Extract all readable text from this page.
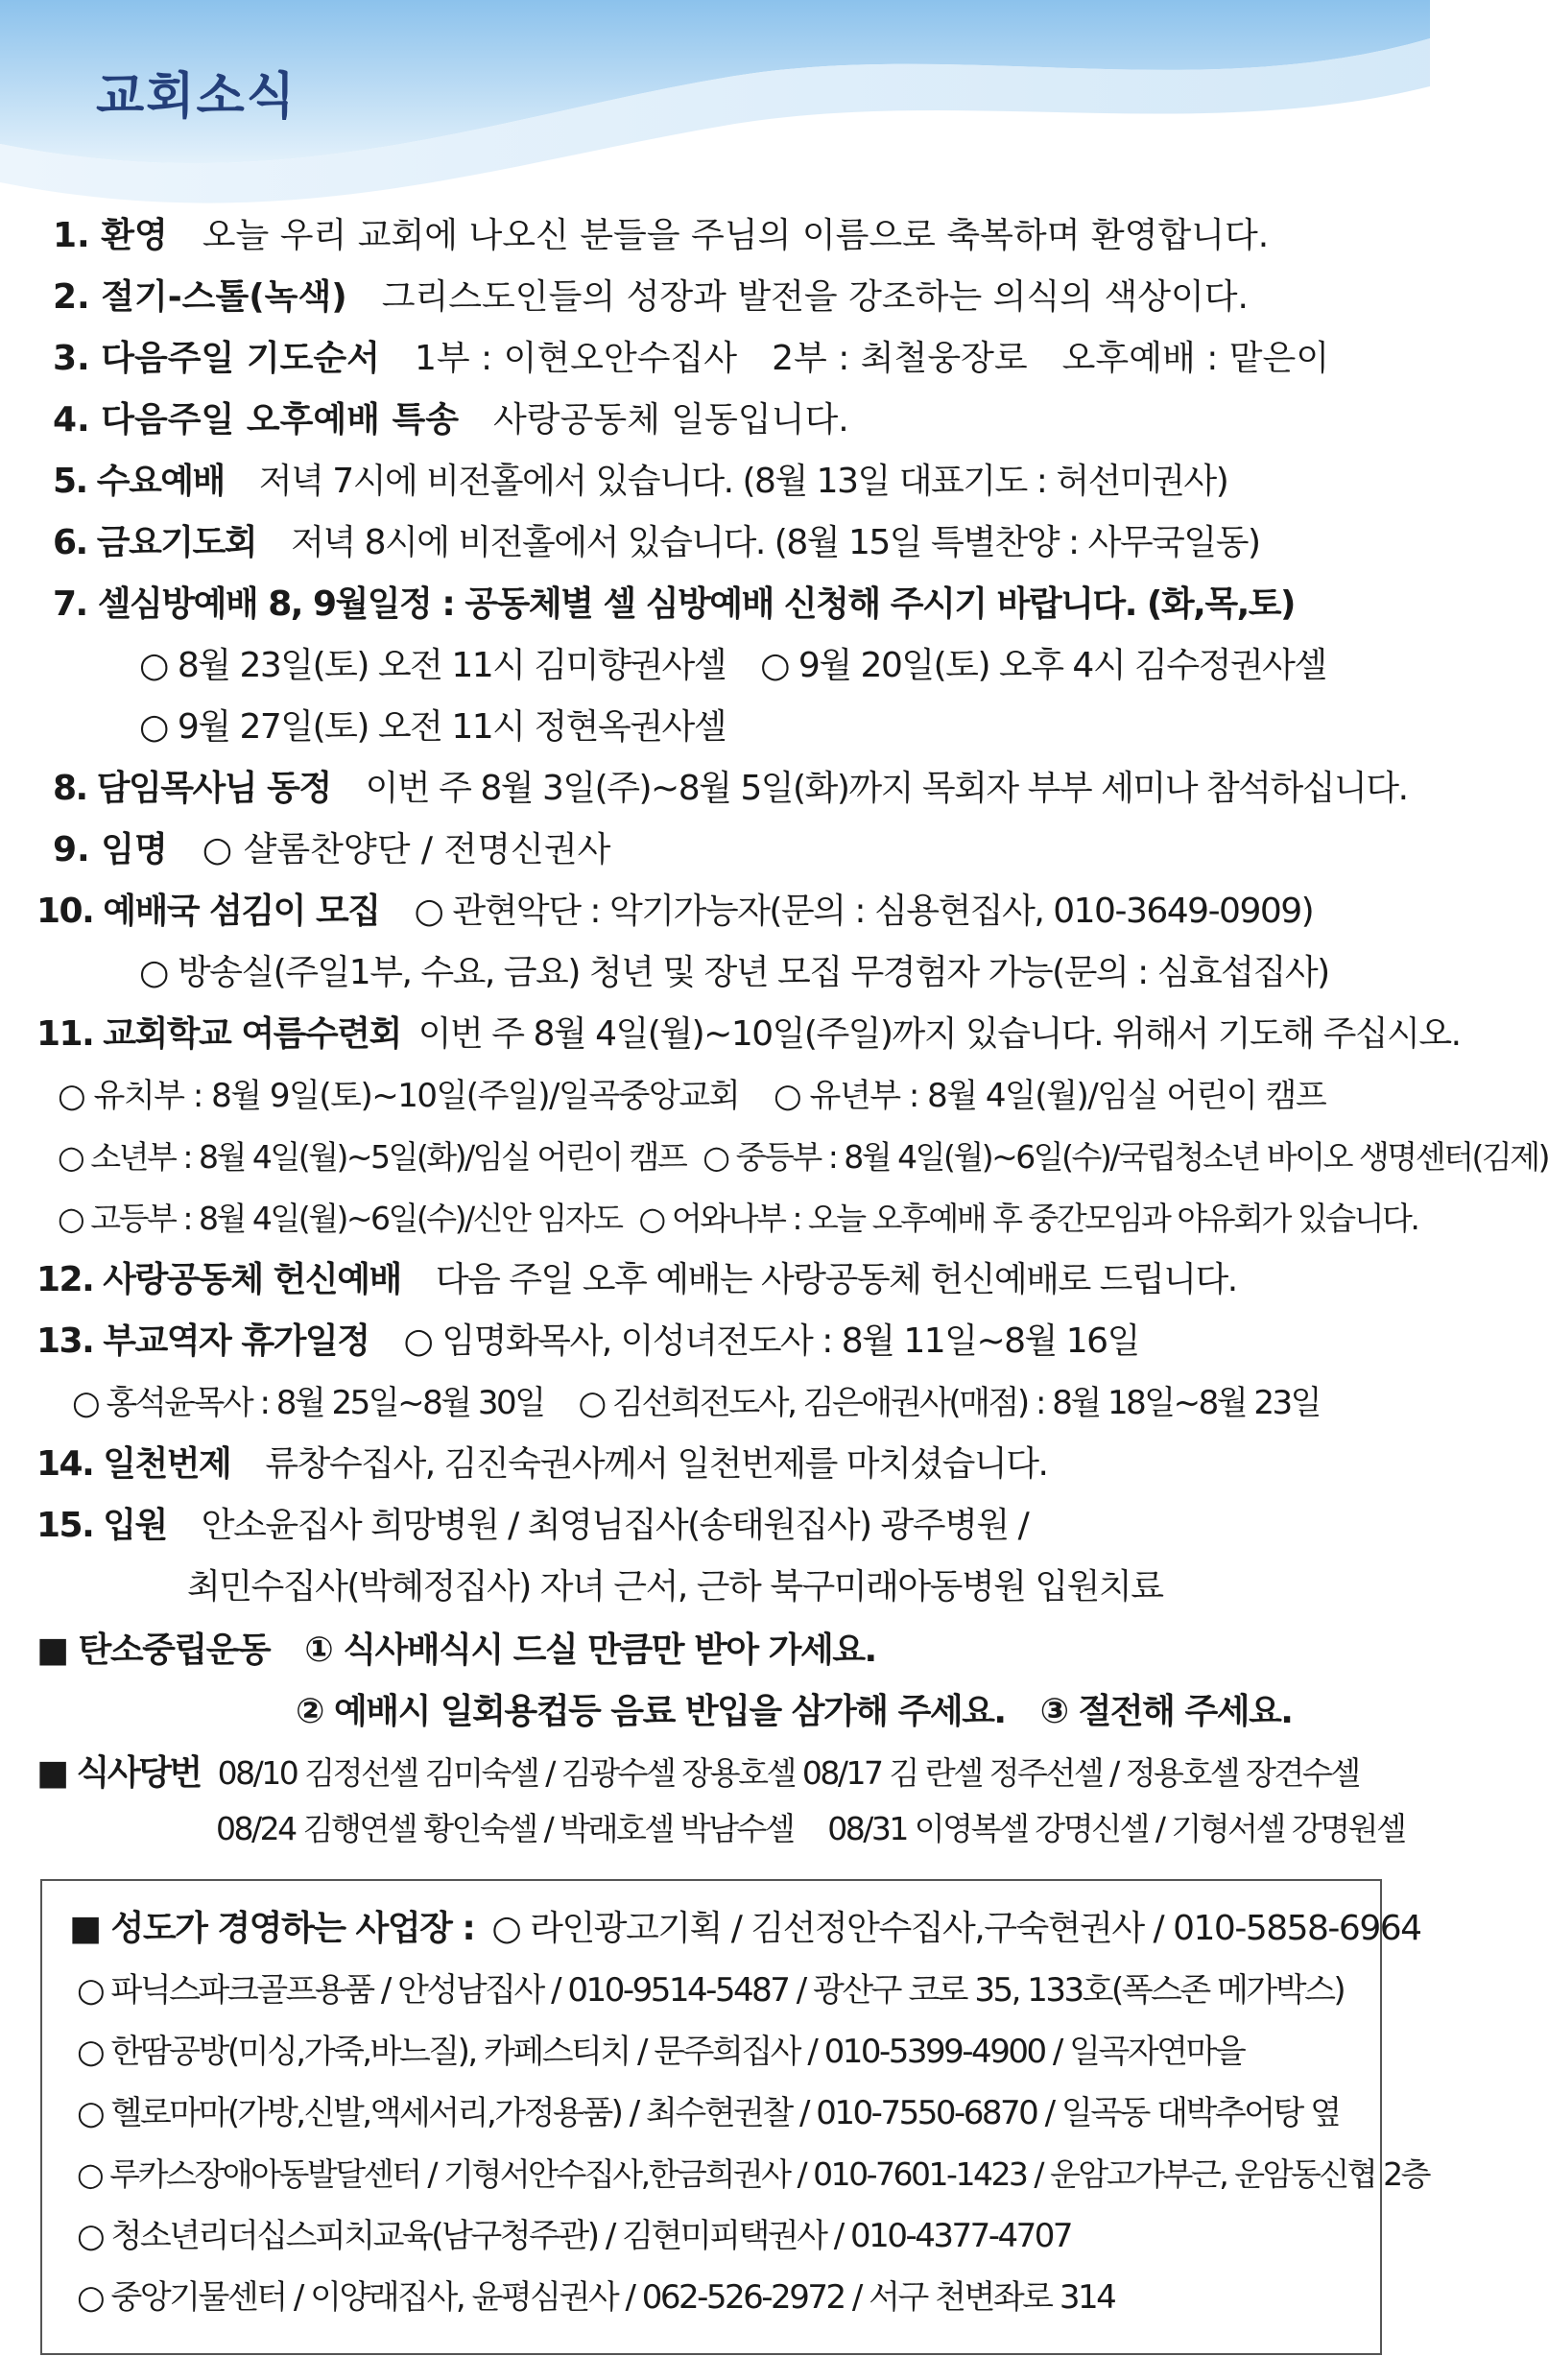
교회소식
1. 환영 오늘 우리 교회에 나오신 분들을 주님의 이름으로 축복하며 환영합니다.
2. 절기-스톨(녹색) 그리스도인들의 성장과 발전을 강조하는 의식의 색상이다.
3. 다음주일 기도순서 1부 : 이현오안수집사 2부 : 최철웅장로 오후예배 : 맡은이
4. 다음주일 오후예배 특송 사랑공동체 일동입니다.
5. 수요예배 저녁 7시에 비전홀에서 있습니다. (8월 13일 대표기도 : 허선미권사)
6. 금요기도회 저녁 8시에 비전홀에서 있습니다. (8월 15일 특별찬양 : 사무국일동)
7. 셀심방예배 8, 9월일정 : 공동체별 셀 심방예배 신청해 주시기 바랍니다. (화,목,토)
○ 8월 23일(토) 오전 11시 김미향권사셀 ○ 9월 20일(토) 오후 4시 김수정권사셀
○ 9월 27일(토) 오전 11시 정현옥권사셀
8. 담임목사님 동정 이번 주 8월 3일(주)~8월 5일(화)까지 목회자 부부 세미나 참석하십니다.
9. 임명 ○ 샬롬찬양단 / 전명신권사
10. 예배국 섬김이 모집 ○ 관현악단 : 악기가능자(문의 : 심용현집사, 010-3649-0909)
○ 방송실(주일1부, 수요, 금요) 청년 및 장년 모집 무경험자 가능(문의 : 심효섭집사)
11. 교회학교 여름수련회 이번 주 8월 4일(월)~10일(주일)까지 있습니다. 위해서 기도해 주십시오.
○ 유치부 : 8월 9일(토)~10일(주일)/일곡중앙교회 ○ 유년부 : 8월 4일(월)/임실 어린이 캠프
○ 소년부 : 8월 4일(월)~5일(화)/임실 어린이 캠프 ○ 중등부 : 8월 4일(월)~6일(수)/국립청소년 바이오 생명센터(김제)
○ 고등부 : 8월 4일(월)~6일(수)/신안 임자도 ○ 어와나부 : 오늘 오후예배 후 중간모임과 야유회가 있습니다.
12. 사랑공동체 헌신예배 다음 주일 오후 예배는 사랑공동체 헌신예배로 드립니다.
13. 부교역자 휴가일정 ○ 임명화목사, 이성녀전도사 : 8월 11일~8월 16일
○ 홍석윤목사 : 8월 25일~8월 30일 ○ 김선희전도사, 김은애권사(매점) : 8월 18일~8월 23일
14. 일천번제 류창수집사, 김진숙권사께서 일천번제를 마치셨습니다.
15. 입원 안소윤집사 희망병원 / 최영님집사(송태원집사) 광주병원 /
최민수집사(박혜정집사) 자녀 근서, 근하 북구미래아동병원 입원치료
■ 탄소중립운동 ① 식사배식시 드실 만큼만 받아 가세요.
② 예배시 일회용컵등 음료 반입을 삼가해 주세요. ③ 절전해 주세요.
■ 식사당번 08/10 김정선셀 김미숙셀 / 김광수셀 장용호셀 08/17 김 란셀 정주선셀 / 정용호셀 장견수셀
08/24 김행연셀 황인숙셀 / 박래호셀 박남수셀 08/31 이영복셀 강명신셀 / 기형서셀 강명원셀
■ 성도가 경영하는 사업장 : ○ 라인광고기획 / 김선정안수집사,구숙현권사 / 010-5858-6964
○ 파닉스파크골프용품 / 안성남집사 / 010-9514-5487 / 광산구 코로 35, 133호(폭스존 메가박스)
○ 한땀공방(미싱,가죽,바느질), 카페스티치 / 문주희집사 / 010-5399-4900 / 일곡자연마을
○ 헬로마마(가방,신발,액세서리,가정용품) / 최수현권찰 / 010-7550-6870 / 일곡동 대박추어탕 옆
○ 루카스장애아동발달센터 / 기형서안수집사,한금희권사 / 010-7601-1423 / 운암고가부근, 운암동신협 2층
○ 청소년리더십스피치교육(남구청주관) / 김현미피택권사 / 010-4377-4707
○ 중앙기물센터 / 이양래집사, 윤평심권사 / 062-526-2972 / 서구 천변좌로 314
